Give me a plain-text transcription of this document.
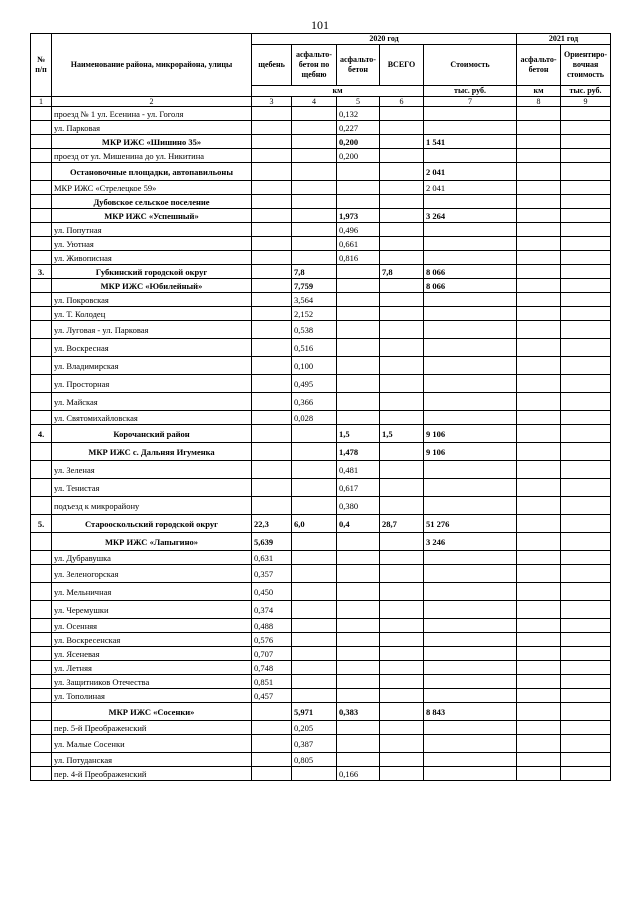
101
№ п/п	Наименование района, микрорайона, улицы	2020 год					2021 год	
		щебень	асфальто-бетон по щебню	асфальто-бетон	ВСЕГО	Стоимость	асфальто-бетон	Ориентиро-вочная стоимость
		км				тыс. руб.	км	тыс. руб.
1	2	3	4	5	6	7	8	9
	проезд № 1 ул. Есенина - ул. Гоголя			0,132				
	ул. Парковая			0,227				
	МКР ИЖС «Шишино 35»			0,200		1 541		
	проезд от ул. Мишенина до ул. Никитина			0,200				
	Остановочные площадки, автопавильоны					2 041		
	МКР ИЖС «Стрелецкое 59»					2 041		
	Дубовское сельское поселение							
	МКР ИЖС «Успешный»			1,973		3 264		
	ул. Попутная			0,496				
	ул. Уютная			0,661				
	ул. Живописная			0,816				
3.	Губкинский городской округ		7,8		7,8	8 066		
	МКР ИЖС «Юбилейный»		7,759			8 066		
	ул. Покровская		3,564					
	ул. Т. Колодец		2,152					
	ул. Луговая - ул. Парковая		0,538					
	ул. Воскресная		0,516					
	ул. Владимирская		0,100					
	ул. Просторная		0,495					
	ул. Майская		0,366					
	ул. Святомихайловская		0,028					
4.	Корочанский район			1,5	1,5	9 106		
	МКР ИЖС с. Дальняя Игуменка			1,478		9 106		
	ул. Зеленая			0,481				
	ул. Тенистая			0,617				
	подъезд к микрорайону			0,380				
5.	Старооскольский городской округ	22,3	6,0	0,4	28,7	51 276		
	МКР ИЖС «Лапыгино»	5,639				3 246		
	ул. Дубравушка	0,631						
	ул. Зеленогорская	0,357						
	ул. Мельничная	0,450						
	ул. Черемушки	0,374						
	ул. Осенняя	0,488						
	ул. Воскресенская	0,576						
	ул. Ясеневая	0,707						
	ул. Летняя	0,748						
	ул. Защитников Отечества	0,851						
	ул. Тополиная	0,457						
	МКР ИЖС «Сосенки»		5,971	0,383		8 843		
	пер. 5-й Преображенский		0,205					
	ул. Малые Сосенки		0,387					
	ул. Потуданская		0,805					
	пер. 4-й Преображенский			0,166				
